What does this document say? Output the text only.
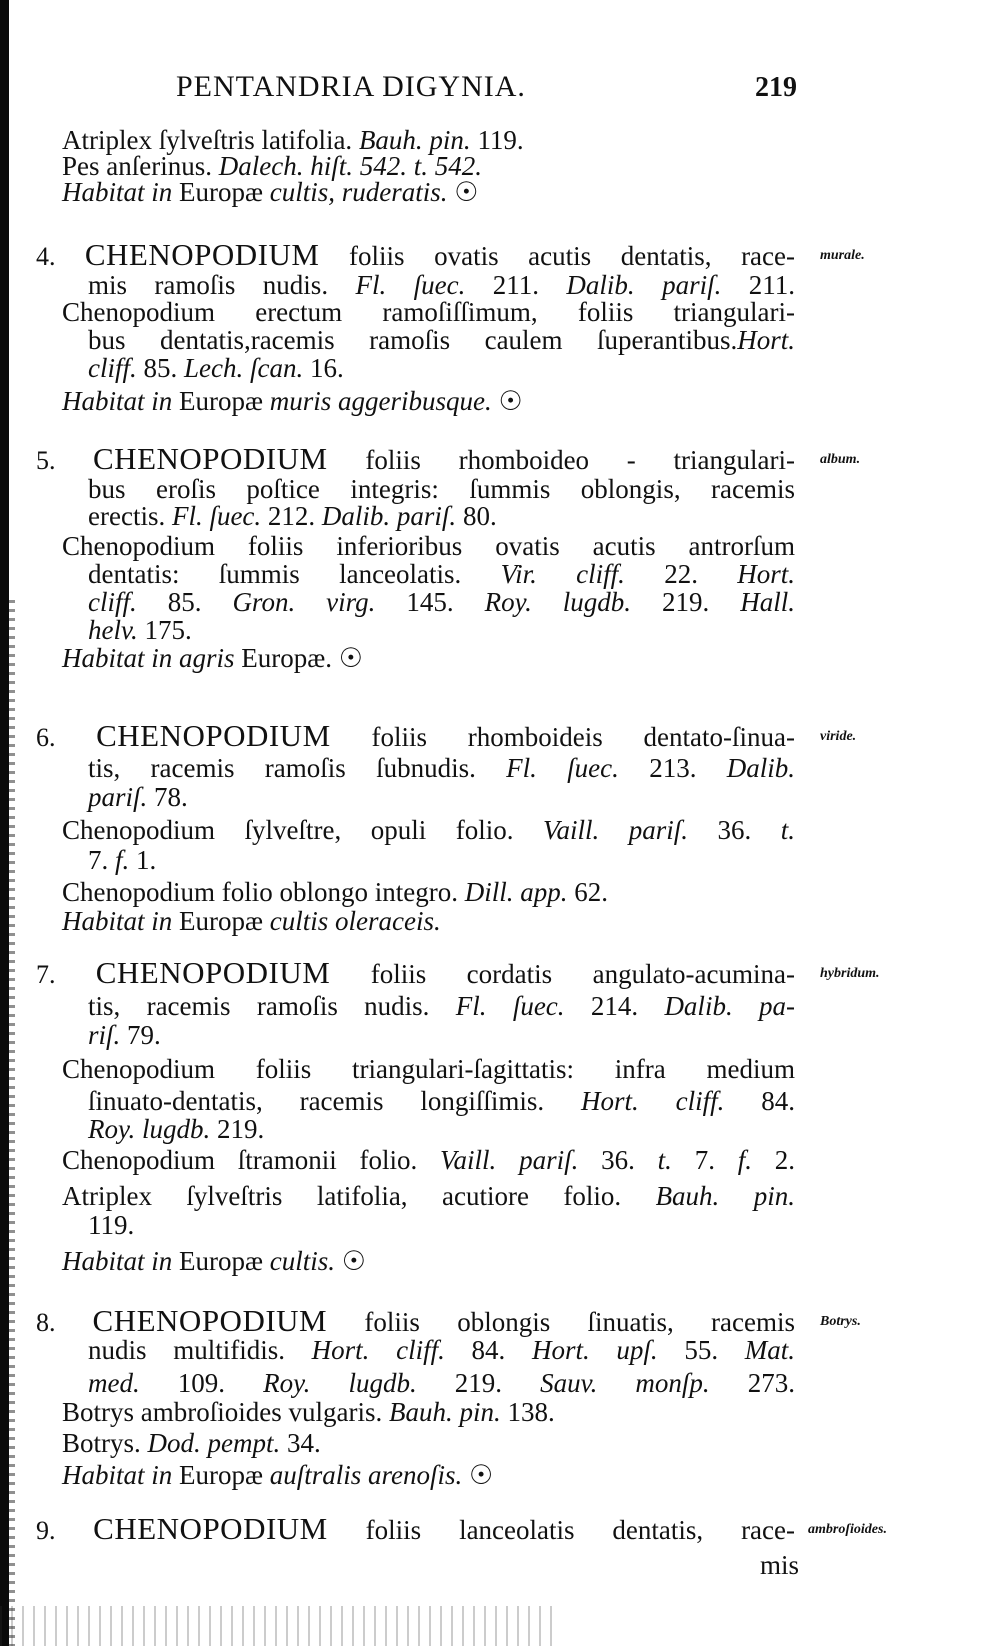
PENTANDRIA DIGYNIA.	219
Atriplex ſylveſtris latifolia. Bauh. pin. 119.
Pes anſerinus. Dalech. hiſt. 542. t. 542.
Habitat in Europæ cultis, ruderatis. ☉
4. CHENOPODIUM foliis ovatis acutis dentatis, race- murale.
mis ramoſis nudis. Fl. ſuec. 211. Dalib. pariſ. 211.
Chenopodium erectum ramoſiſſimum, foliis triangulari-
bus dentatis,racemis ramoſis caulem ſuperantibus.Hort.
cliff. 85. Lech. ſcan. 16.
Habitat in Europæ muris aggeribusque. ☉
5. CHENOPODIUM foliis rhomboideo - triangulari- album.
bus eroſis poſtice integris: ſummis oblongis, racemis
erectis. Fl. ſuec. 212. Dalib. pariſ. 80.
Chenopodium foliis inferioribus ovatis acutis antrorſum
dentatis: ſummis lanceolatis. Vir. cliff. 22. Hort.
cliff. 85. Gron. virg. 145. Roy. lugdb. 219. Hall.
helv. 175.
Habitat in agris Europæ. ☉
6. CHENOPODIUM foliis rhomboideis dentato-ſinua- viride.
tis, racemis ramoſis ſubnudis. Fl. ſuec. 213. Dalib.
pariſ. 78.
Chenopodium ſylveſtre, opuli folio. Vaill. pariſ. 36. t.
7. f. 1.
Chenopodium folio oblongo integro. Dill. app. 62.
Habitat in Europæ cultis oleraceis.
7. CHENOPODIUM foliis cordatis angulato-acumina- hybridum.
tis, racemis ramoſis nudis. Fl. ſuec. 214. Dalib. pa-
riſ. 79.
Chenopodium foliis triangulari-ſagittatis: infra medium
ſinuato-dentatis, racemis longiſſimis. Hort. cliff. 84.
Roy. lugdb. 219.
Chenopodium ſtramonii folio. Vaill. pariſ. 36. t. 7. f. 2.
Atriplex ſylveſtris latifolia, acutiore folio. Bauh. pin.
119.
Habitat in Europæ cultis. ☉
8. CHENOPODIUM foliis oblongis ſinuatis, racemis Botrys.
nudis multifidis. Hort. cliff. 84. Hort. upſ. 55. Mat.
med. 109. Roy. lugdb. 219. Sauv. monſp. 273.
Botrys ambroſioides vulgaris. Bauh. pin. 138.
Botrys. Dod. pempt. 34.
Habitat in Europæ auſtralis arenoſis. ☉
9. CHENOPODIUM foliis lanceolatis dentatis, race- ambroſioides.
mis
